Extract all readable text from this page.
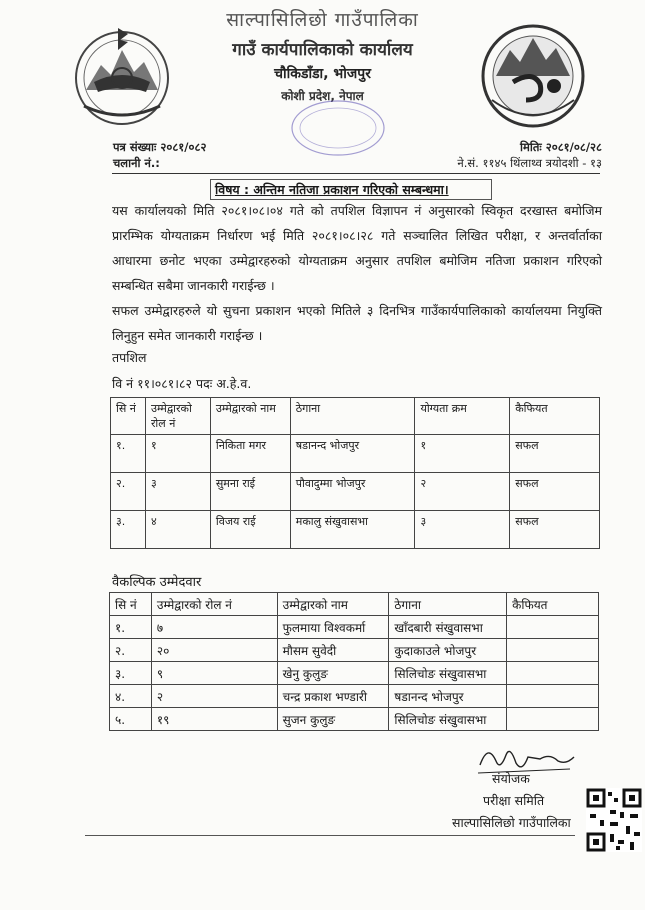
साल्पासिलिछो गाउँपालिका
गाउँ कार्यपालिकाको कार्यालय
चौकिडाँडा, भोजपुर
कोशी प्रदेश, नेपाल
पत्र संख्याः २०८१/०८२
चलानी नं.:
मितिः २०८१/०८/२८
ने.सं. ११४५ थिंलाथ्व त्रयोदशी - १३
विषय : अन्तिम नतिजा प्रकाशन गरिएको सम्बन्धमा।
यस कार्यालयको मिति २०८१।०८।०४ गते को तपशिल विज्ञापन नं अनुसारको स्विकृत दरखास्त बमोजिम प्रारम्भिक योग्यताक्रम निर्धारण भई मिति २०८१।०८।२८ गते सञ्चालित लिखित परीक्षा, र अन्तर्वार्ताका आधारमा छनोट भएका उम्मेद्वारहरुको योग्यताक्रम अनुसार तपशिल बमोजिम नतिजा प्रकाशन गरिएको सम्बन्धित सबैमा जानकारी गराईन्छ ।
सफल उम्मेद्वारहरुले यो सुचना प्रकाशन भएको मितिले ३ दिनभित्र गाउँकार्यपालिकाको कार्यालयमा नियुक्ति लिनुहुन समेत जानकारी गराईन्छ ।
तपशिल
वि नं ११।०८१।८२ पदः अ.हे.व.
सि नं	उम्मेद्वारको रोल नं	उम्मेद्वारको नाम	ठेगाना	योग्यता क्रम	कैफियत
१.	१	निकिता मगर	षडानन्द भोजपुर	१	सफल
२.	३	सुमना राई	पौवादुम्मा भोजपुर	२	सफल
३.	४	विजय राई	मकालु संखुवासभा	३	सफल
वैकल्पिक उम्मेदवार
सि नं	उम्मेद्वारको रोल नं	उम्मेद्वारको नाम	ठेगाना	कैफियत
१.	७	फुलमाया विश्वकर्मा	खाँदबारी संखुवासभा	
२.	२०	मौसम सुवेदी	कुदाकाउले भोजपुर	
३.	९	खेनु कुलुङ	सिलिचोङ संखुवासभा	
४.	२	चन्द्र प्रकाश भण्डारी	षडानन्द भोजपुर	
५.	१९	सुजन कुलुङ	सिलिचोङ संखुवासभा	
संयोजक
परीक्षा समिति
साल्पासिलिछो गाउँपालिका
